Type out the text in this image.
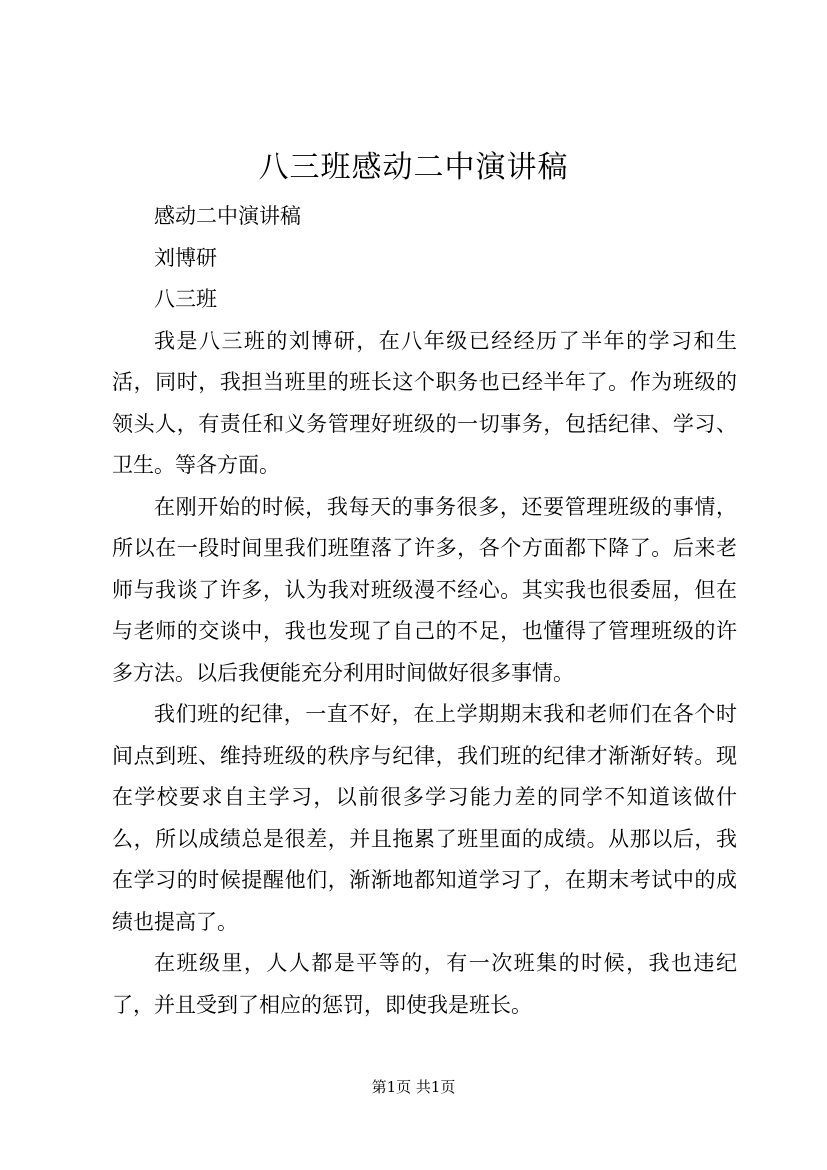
八三班感动二中演讲稿

感动二中演讲稿

刘博研

八三班

我是八三班的刘博研，在八年级已经经历了半年的学习和生活，同时，我担当班里的班长这个职务也已经半年了。作为班级的领头人，有责任和义务管理好班级的一切事务，包括纪律、学习、卫生。等各方面。

在刚开始的时候，我每天的事务很多，还要管理班级的事情，所以在一段时间里我们班堕落了许多，各个方面都下降了。后来老师与我谈了许多，认为我对班级漫不经心。其实我也很委屈，但在与老师的交谈中，我也发现了自己的不足，也懂得了管理班级的许多方法。以后我便能充分利用时间做好很多事情。

我们班的纪律，一直不好，在上学期期末我和老师们在各个时间点到班、维持班级的秩序与纪律，我们班的纪律才渐渐好转。现在学校要求自主学习，以前很多学习能力差的同学不知道该做什么，所以成绩总是很差，并且拖累了班里面的成绩。从那以后，我在学习的时候提醒他们，渐渐地都知道学习了，在期末考试中的成绩也提高了。

在班级里，人人都是平等的，有一次班集的时候，我也违纪了，并且受到了相应的惩罚，即使我是班长。

第1页 共1页
